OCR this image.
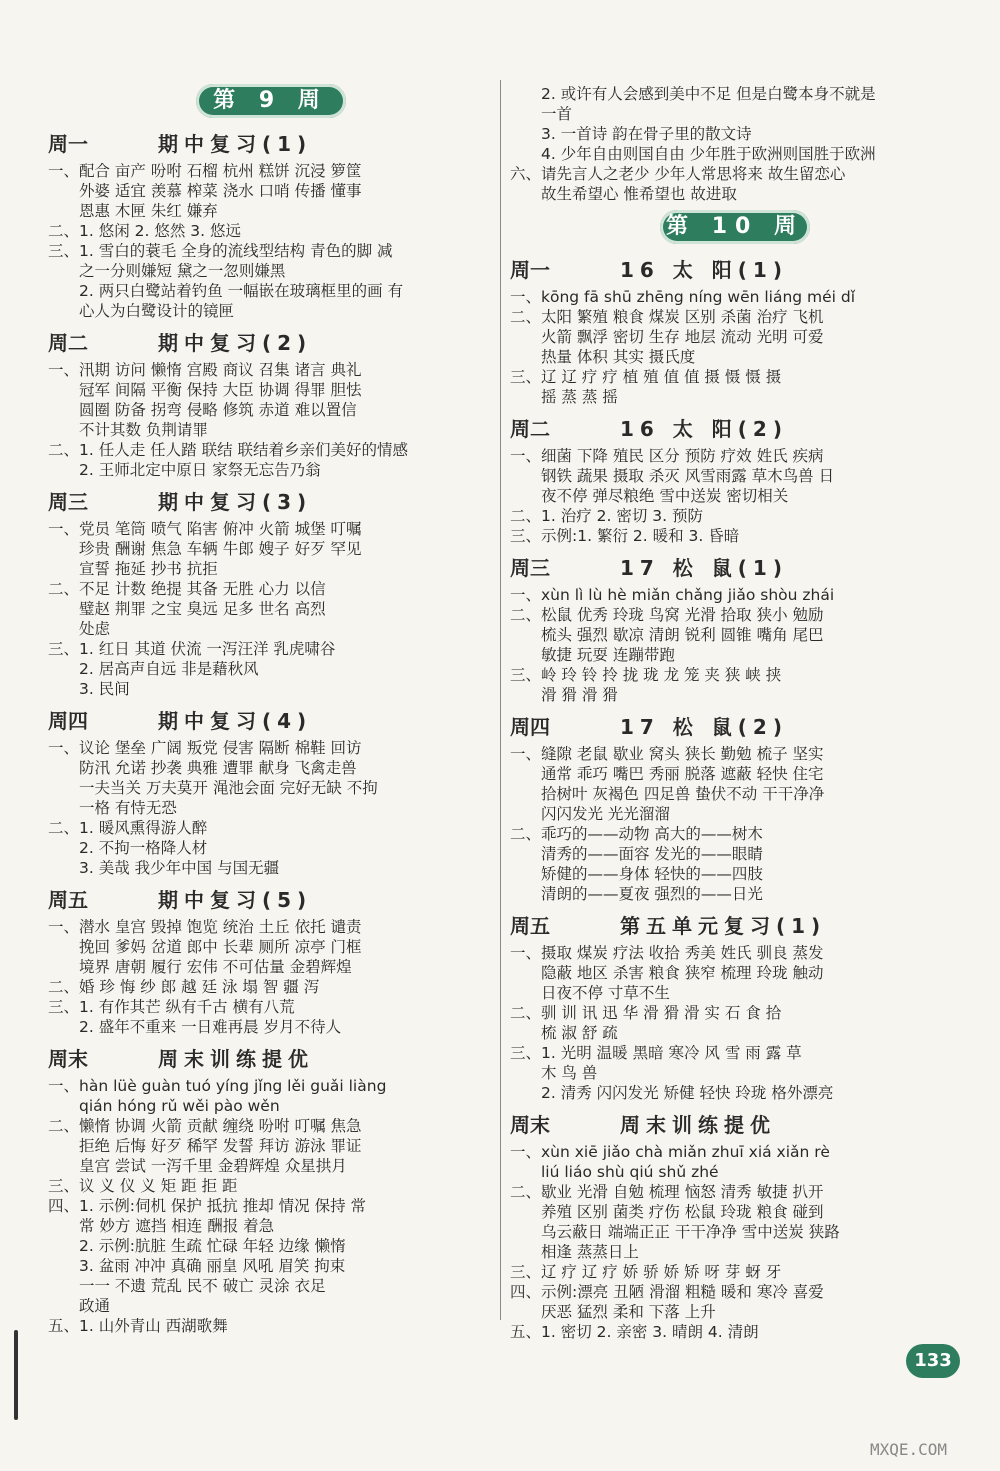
第 9 周
周一	期中复习(1)
一、配合 亩产 吩咐 石榴 杭州 糕饼 沉浸 箩筐
　　外婆 适宜 羡慕 榨菜 浇水 口哨 传播 懂事
　　恩惠 木匣 朱红 嫌弃
二、1. 悠闲 2. 悠然 3. 悠远
三、1. 雪白的蓑毛 全身的流线型结构 青色的脚 减
　　之一分则嫌短 黛之一忽则嫌黑
　　2. 两只白鹭站着钓鱼 一幅嵌在玻璃框里的画 有
　　心人为白鹭设计的镜匣
周二	期中复习(2)
一、汛期 访问 懒惰 宫殿 商议 召集 诸言 典礼
　　冠军 间隔 平衡 保持 大臣 协调 得罪 胆怯
　　圆圈 防备 拐弯 侵略 修筑 赤道 难以置信
　　不计其数 负荆请罪
二、1. 任人走 任人踏 联结 联结着乡亲们美好的情感
　　2. 王师北定中原日 家祭无忘告乃翁
周三	期中复习(3)
一、党员 笔筒 喷气 陷害 俯冲 火箭 城堡 叮嘱
　　珍贵 酬谢 焦急 车辆 牛郎 嫂子 好歹 罕见
　　宣誓 拖延 抄书 抗拒
二、不足 计数 绝提 其备 无胜 心力 以信
　　璧赵 荆罪 之宝 臭远 足多 世名 高烈
　　处虑
三、1. 红日 其道 伏流 一泻汪洋 乳虎啸谷
　　2. 居高声自远 非是藉秋风
　　3. 民间
周四	期中复习(4)
一、议论 堡垒 广阔 叛党 侵害 隔断 棉鞋 回访
　　防汛 允诺 抄袭 典雅 遭罪 献身 飞禽走兽
　　一夫当关 万夫莫开 渑池会面 完好无缺 不拘
　　一格 有恃无恐
二、1. 暖风熏得游人醉
　　2. 不拘一格降人材
　　3. 美哉 我少年中国 与国无疆
周五	期中复习(5)
一、潜水 皇宫 毁掉 饱览 统治 土丘 依托 谴责
　　挽回 爹妈 岔道 郎中 长辈 厕所 凉亭 门框
　　境界 唐朝 履行 宏伟 不可估量 金碧辉煌
二、婚 珍 悔 纱 郎 越 廷 泳 塌 智 疆 泻
三、1. 有作其芒 纵有千古 横有八荒
　　2. 盛年不重来 一日难再晨 岁月不待人
周末	周末训练提优
一、hàn lüè guàn tuó yíng jǐng lěi guǎi liàng
　　qián hóng rǔ wěi pào wěn
二、懒惰 协调 火箭 贡献 缠绕 吩咐 叮嘱 焦急
　　拒绝 后悔 好歹 稀罕 发誓 拜访 游泳 罪证
　　皇宫 尝试 一泻千里 金碧辉煌 众星拱月
三、议 义 仪 义 矩 距 拒 距
四、1. 示例:伺机 保护 抵抗 推却 情况 保持 常
　　常 妙方 遮挡 相连 酬报 着急
　　2. 示例:肮脏 生疏 忙碌 年轻 边缘 懒惰
　　3. 盆雨 冲冲 真确 丽皇 风吼 眉笑 拘束
　　一一 不遗 荒乱 民不 破亡 灵涂 衣足
　　政通
五、1. 山外青山 西湖歌舞
　　2. 或许有人会感到美中不足 但是白鹭本身不就是
　　一首
　　3. 一首诗 韵在骨子里的散文诗
　　4. 少年自由则国自由 少年胜于欧洲则国胜于欧洲
六、请先言人之老少 少年人常思将来 故生留恋心
　　故生希望心 惟希望也 故进取
第 10 周
周一	16 太 阳(1)
一、kōng fā shū zhēng níng wēn liáng méi dǐ
二、太阳 繁殖 粮食 煤炭 区别 杀菌 治疗 飞机
　　火箭 飘浮 密切 生存 地层 流动 光明 可爱
　　热量 体积 其实 摄氏度
三、辽 辽 疗 疗 植 殖 值 值 摄 慑 慑 摄
　　摇 蒸 蒸 摇
周二	16 太 阳(2)
一、细菌 下降 殖民 区分 预防 疗效 姓氏 疾病
　　钢铁 蔬果 摄取 杀灭 风雪雨露 草木鸟兽 日
　　夜不停 弹尽粮绝 雪中送炭 密切相关
二、1. 治疗 2. 密切 3. 预防
三、示例:1. 繁衍 2. 暖和 3. 昏暗
周三	17 松 鼠(1)
一、xùn lì lù hè miǎn chǎng jiǎo shòu zhái
二、松鼠 优秀 玲珑 鸟窝 光滑 拾取 狭小 勉励
　　梳头 强烈 歇凉 清朗 锐利 圆锥 嘴角 尾巴
　　敏捷 玩耍 连蹦带跑
三、岭 玲 铃 拎 拢 珑 龙 笼 夹 狭 峡 挟
　　滑 猾 滑 猾
周四	17 松 鼠(2)
一、缝隙 老鼠 歇业 窝头 狭长 勤勉 梳子 坚实
　　通常 乖巧 嘴巴 秀丽 脱落 遮蔽 轻快 住宅
　　拾树叶 灰褐色 四足兽 蛰伏不动 干干净净
　　闪闪发光 光光溜溜
二、乖巧的——动物 高大的——树木
　　清秀的——面容 发光的——眼睛
　　矫健的——身体 轻快的——四肢
　　清朗的——夏夜 强烈的——日光
周五	第五单元复习(1)
一、摄取 煤炭 疗法 收拾 秀美 姓氏 驯良 蒸发
　　隐蔽 地区 杀害 粮食 狭窄 梳理 玲珑 触动
　　日夜不停 寸草不生
二、驯 训 讯 迅 华 滑 猾 滑 实 石 食 拾
　　梳 淑 舒 疏
三、1. 光明 温暖 黑暗 寒冷 风 雪 雨 露 草
　　木 鸟 兽
　　2. 清秀 闪闪发光 矫健 轻快 玲珑 格外漂亮
周末	周末训练提优
一、xùn xiē jiǎo chà miǎn zhuī xiá xiǎn rè
　　liú liáo shù qiú shǔ zhé
二、歇业 光滑 自勉 梳理 恼怒 清秀 敏捷 扒开
　　养殖 区别 菌类 疗伤 松鼠 玲珑 粮食 碰到
　　乌云蔽日 端端正正 干干净净 雪中送炭 狭路
　　相逢 蒸蒸日上
三、辽 疗 辽 疗 娇 骄 娇 矫 呀 芽 蚜 牙
四、示例:漂亮 丑陋 滑溜 粗糙 暖和 寒冷 喜爱
　　厌恶 猛烈 柔和 下落 上升
五、1. 密切 2. 亲密 3. 晴朗 4. 清朗
133
MXQE.COM
